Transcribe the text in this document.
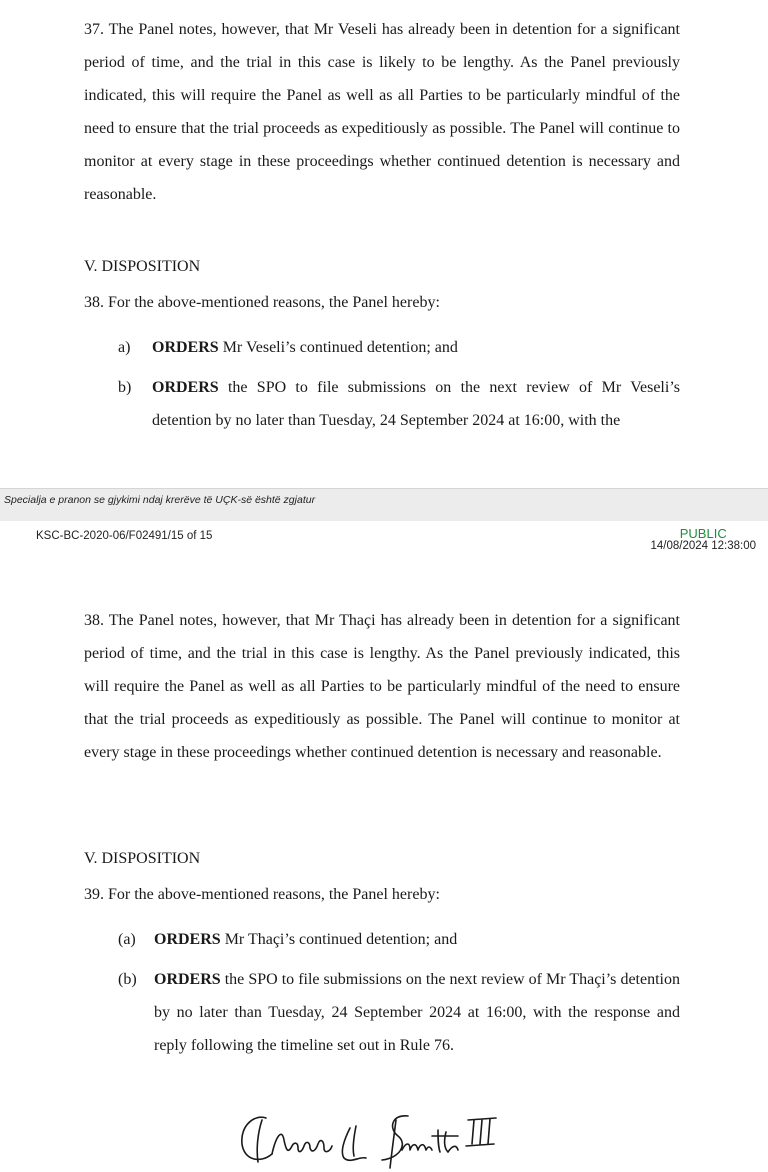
37. The Panel notes, however, that Mr Veseli has already been in detention for a significant period of time, and the trial in this case is likely to be lengthy. As the Panel previously indicated, this will require the Panel as well as all Parties to be particularly mindful of the need to ensure that the trial proceeds as expeditiously as possible. The Panel will continue to monitor at every stage in these proceedings whether continued detention is necessary and reasonable.

V. DISPOSITION

38. For the above-mentioned reasons, the Panel hereby:

a) ORDERS Mr Veseli’s continued detention; and
b) ORDERS the SPO to file submissions on the next review of Mr Veseli’s detention by no later than Tuesday, 24 September 2024 at 16:00, with the
Specialja e pranon se gjykimi ndaj krerëve të UÇK-së është zgjatur
KSC-BC-2020-06/F02491/15 of 15	PUBLIC
14/08/2024 12:38:00

38. The Panel notes, however, that Mr Thaçi has already been in detention for a significant period of time, and the trial in this case is lengthy. As the Panel previously indicated, this will require the Panel as well as all Parties to be particularly mindful of the need to ensure that the trial proceeds as expeditiously as possible. The Panel will continue to monitor at every stage in these proceedings whether continued detention is necessary and reasonable.

V. DISPOSITION

39. For the above-mentioned reasons, the Panel hereby:

(a) ORDERS Mr Thaçi’s continued detention; and
(b) ORDERS the SPO to file submissions on the next review of Mr Thaçi’s detention by no later than Tuesday, 24 September 2024 at 16:00, with the response and reply following the timeline set out in Rule 76.
